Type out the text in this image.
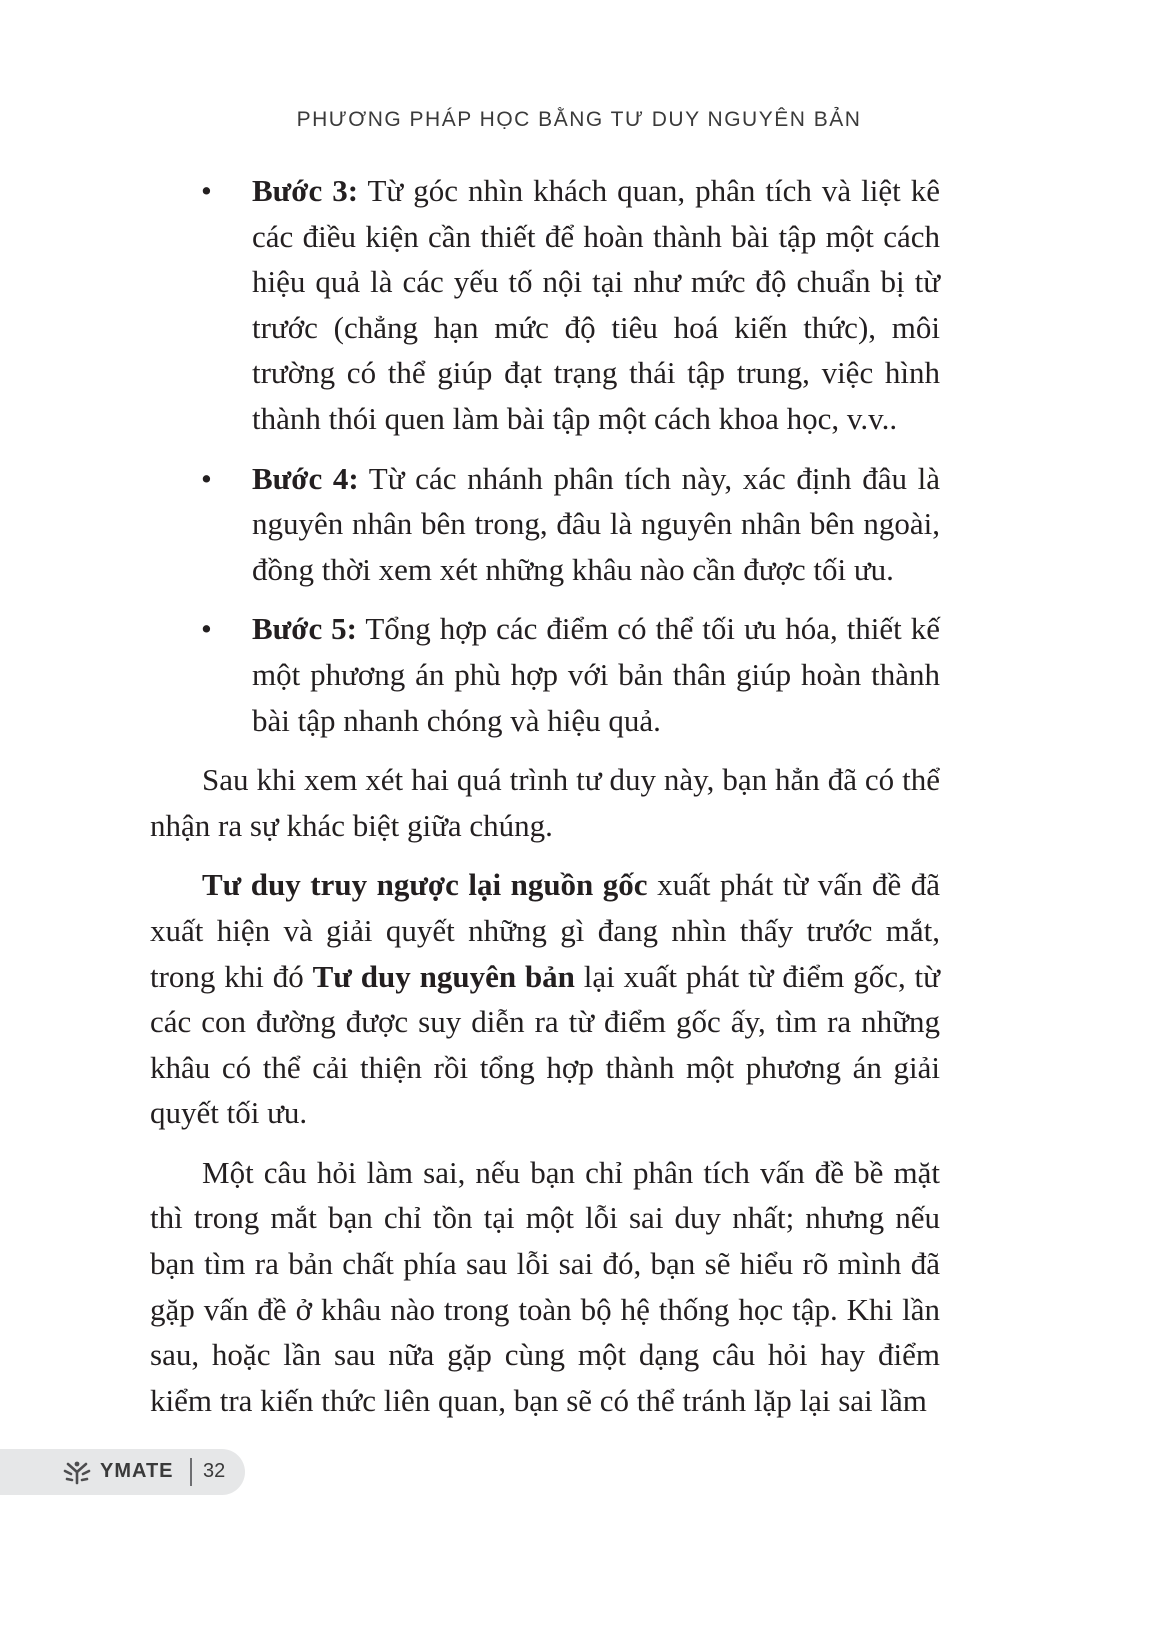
PHƯƠNG PHÁP HỌC BẰNG TƯ DUY NGUYÊN BẢN
• Bước 3: Từ góc nhìn khách quan, phân tích và liệt kê các điều kiện cần thiết để hoàn thành bài tập một cách hiệu quả là các yếu tố nội tại như mức độ chuẩn bị từ trước (chẳng hạn mức độ tiêu hoá kiến thức), môi trường có thể giúp đạt trạng thái tập trung, việc hình thành thói quen làm bài tập một cách khoa học, v.v..
• Bước 4: Từ các nhánh phân tích này, xác định đâu là nguyên nhân bên trong, đâu là nguyên nhân bên ngoài, đồng thời xem xét những khâu nào cần được tối ưu.
• Bước 5: Tổng hợp các điểm có thể tối ưu hóa, thiết kế một phương án phù hợp với bản thân giúp hoàn thành bài tập nhanh chóng và hiệu quả.

Sau khi xem xét hai quá trình tư duy này, bạn hẳn đã có thể nhận ra sự khác biệt giữa chúng.

Tư duy truy ngược lại nguồn gốc xuất phát từ vấn đề đã xuất hiện và giải quyết những gì đang nhìn thấy trước mắt, trong khi đó Tư duy nguyên bản lại xuất phát từ điểm gốc, từ các con đường được suy diễn ra từ điểm gốc ấy, tìm ra những khâu có thể cải thiện rồi tổng hợp thành một phương án giải quyết tối ưu.

Một câu hỏi làm sai, nếu bạn chỉ phân tích vấn đề bề mặt thì trong mắt bạn chỉ tồn tại một lỗi sai duy nhất; nhưng nếu bạn tìm ra bản chất phía sau lỗi sai đó, bạn sẽ hiểu rõ mình đã gặp vấn đề ở khâu nào trong toàn bộ hệ thống học tập. Khi lần sau, hoặc lần sau nữa gặp cùng một dạng câu hỏi hay điểm kiểm tra kiến thức liên quan, bạn sẽ có thể tránh lặp lại sai lầm

YMATE 32
